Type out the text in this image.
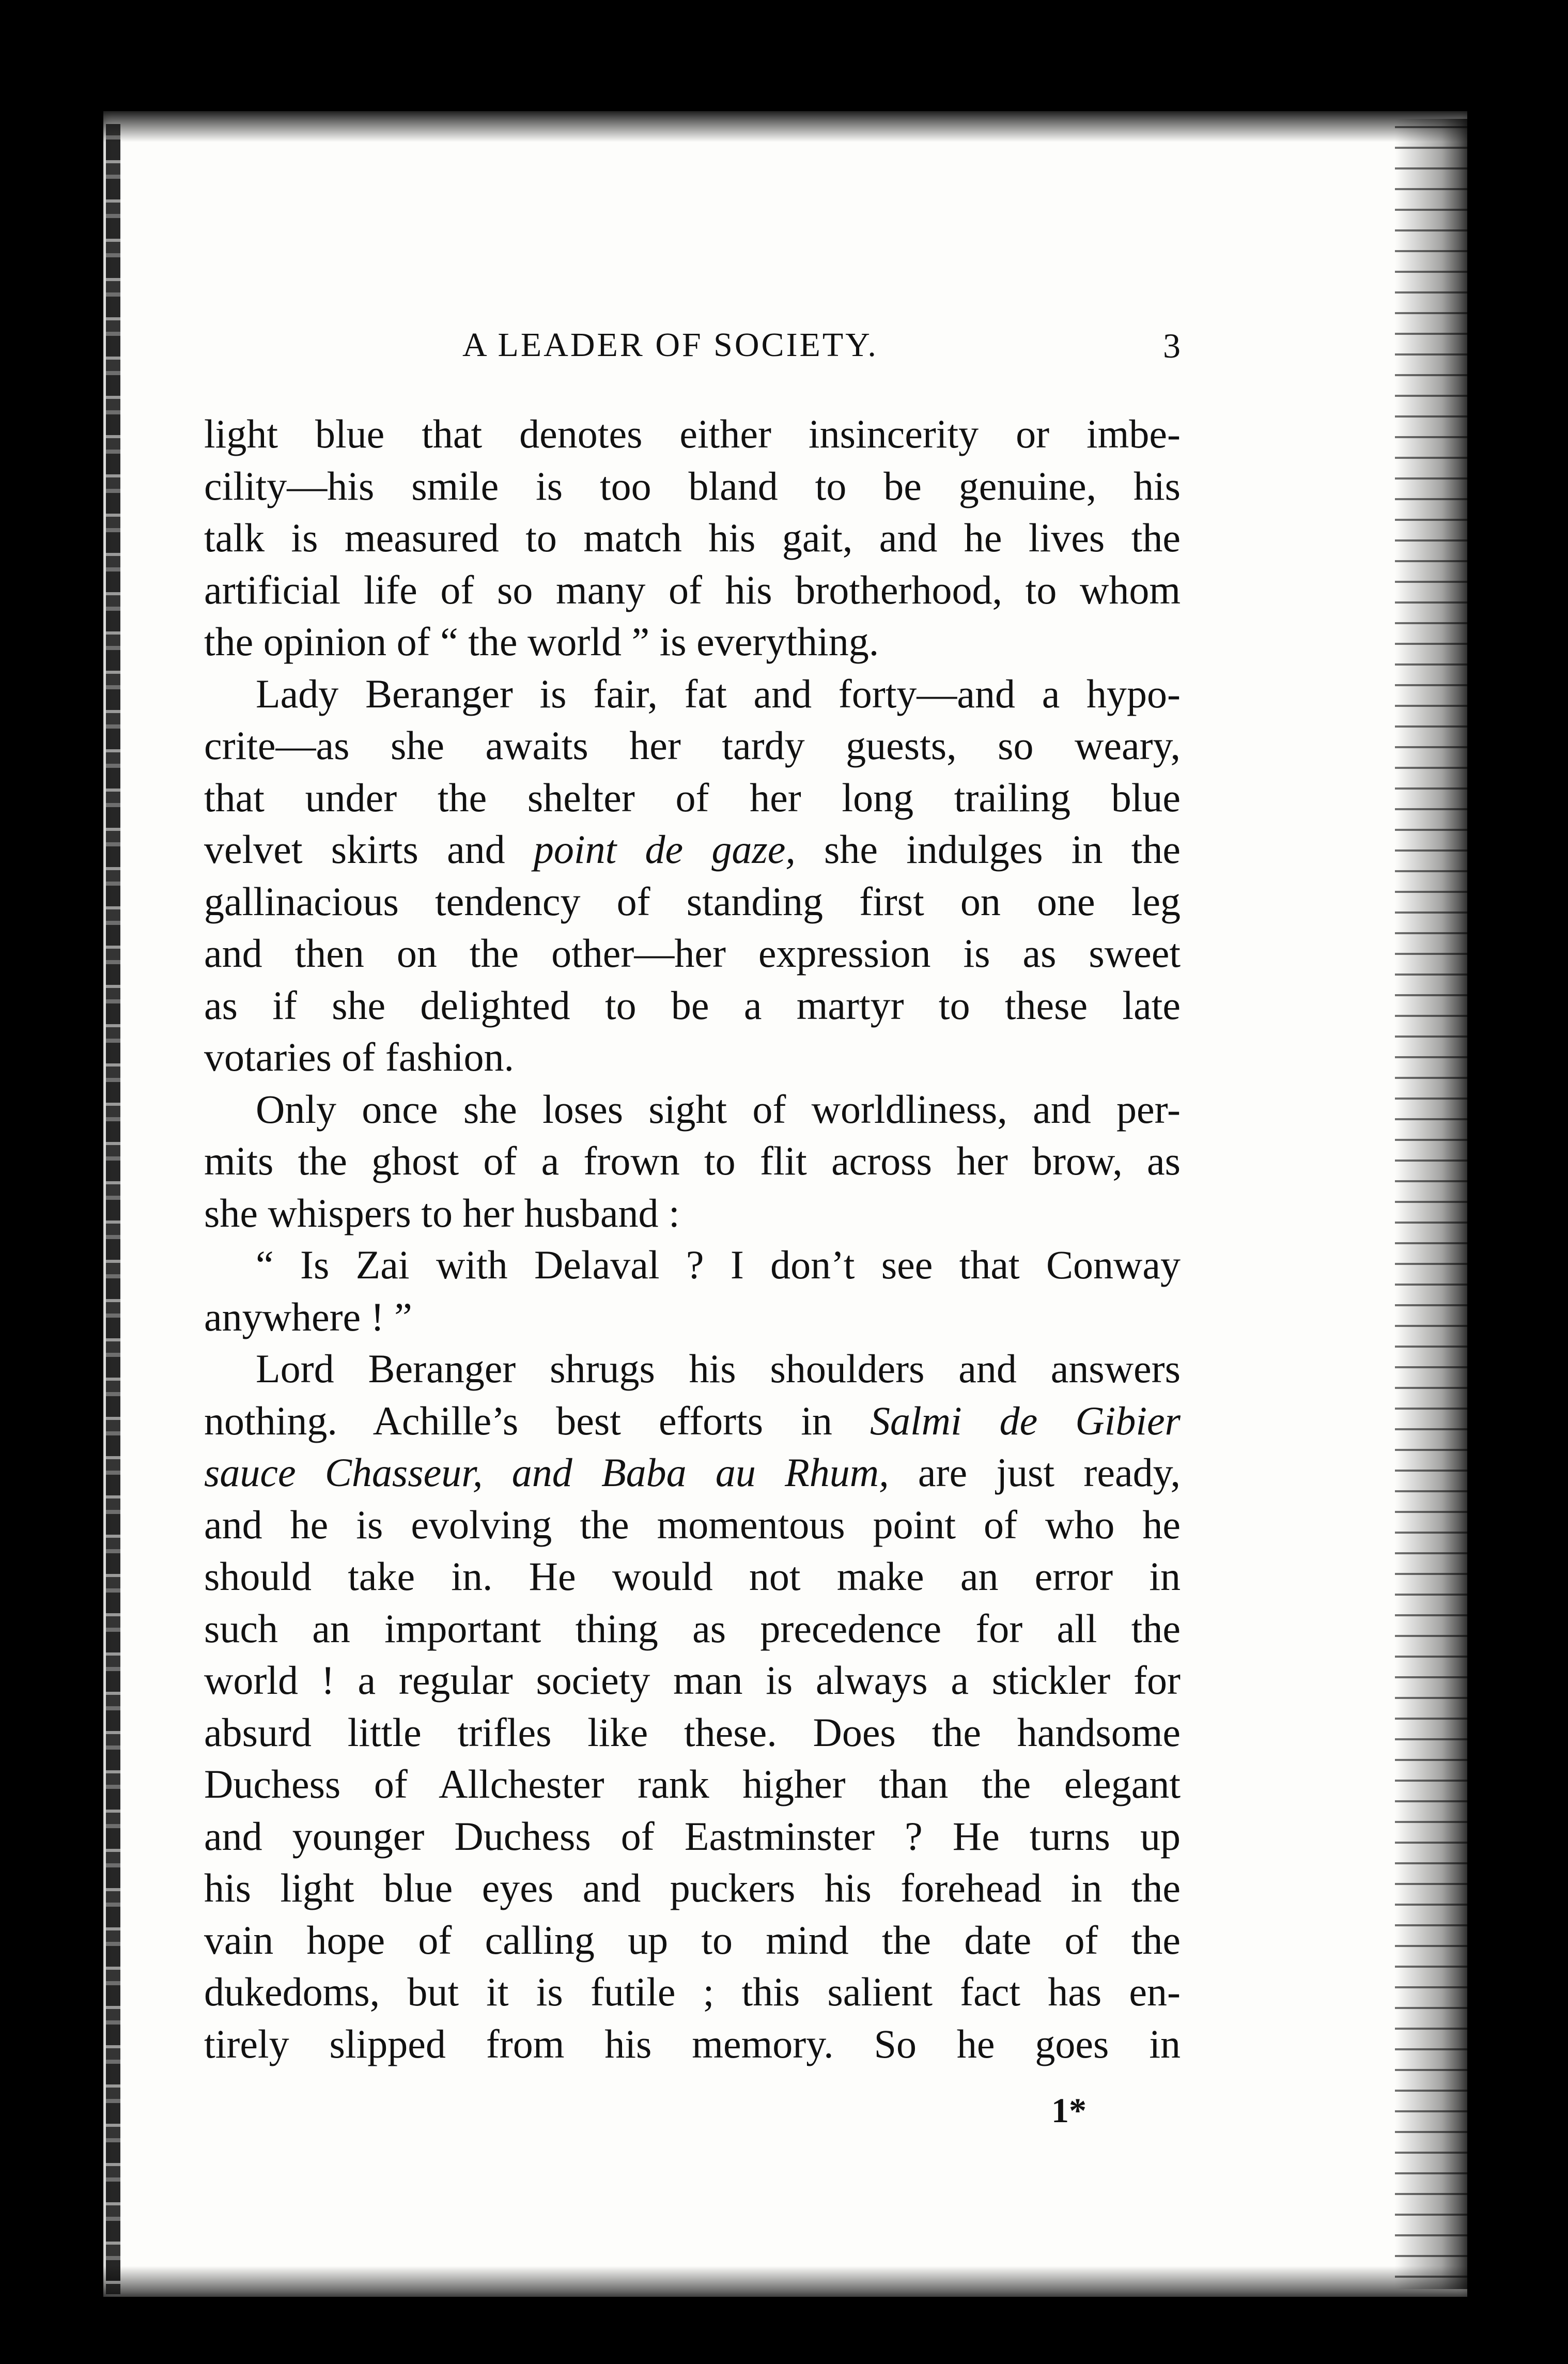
A LEADER OF SOCIETY.	3
light blue that denotes either insincerity or imbe-
cility—his smile is too bland to be genuine, his
talk is measured to match his gait, and he lives the
artificial life of so many of his brotherhood, to whom
the opinion of “ the world ” is everything.
Lady Beranger is fair, fat and forty—and a hypo-
crite—as she awaits her tardy guests, so weary,
that under the shelter of her long trailing blue
velvet skirts and point de gaze, she indulges in the
gallinacious tendency of standing first on one leg
and then on the other—her expression is as sweet
as if she delighted to be a martyr to these late
votaries of fashion.
Only once she loses sight of worldliness, and per-
mits the ghost of a frown to flit across her brow, as
she whispers to her husband :
“ Is Zai with Delaval ? I don’t see that Conway
anywhere ! ”
Lord Beranger shrugs his shoulders and answers
nothing. Achille’s best efforts in Salmi de Gibier
sauce Chasseur, and Baba au Rhum, are just ready,
and he is evolving the momentous point of who he
should take in. He would not make an error in
such an important thing as precedence for all the
world ! a regular society man is always a stickler for
absurd little trifles like these. Does the handsome
Duchess of Allchester rank higher than the elegant
and younger Duchess of Eastminster ? He turns up
his light blue eyes and puckers his forehead in the
vain hope of calling up to mind the date of the
dukedoms, but it is futile ; this salient fact has en-
tirely slipped from his memory. So he goes in
1*
